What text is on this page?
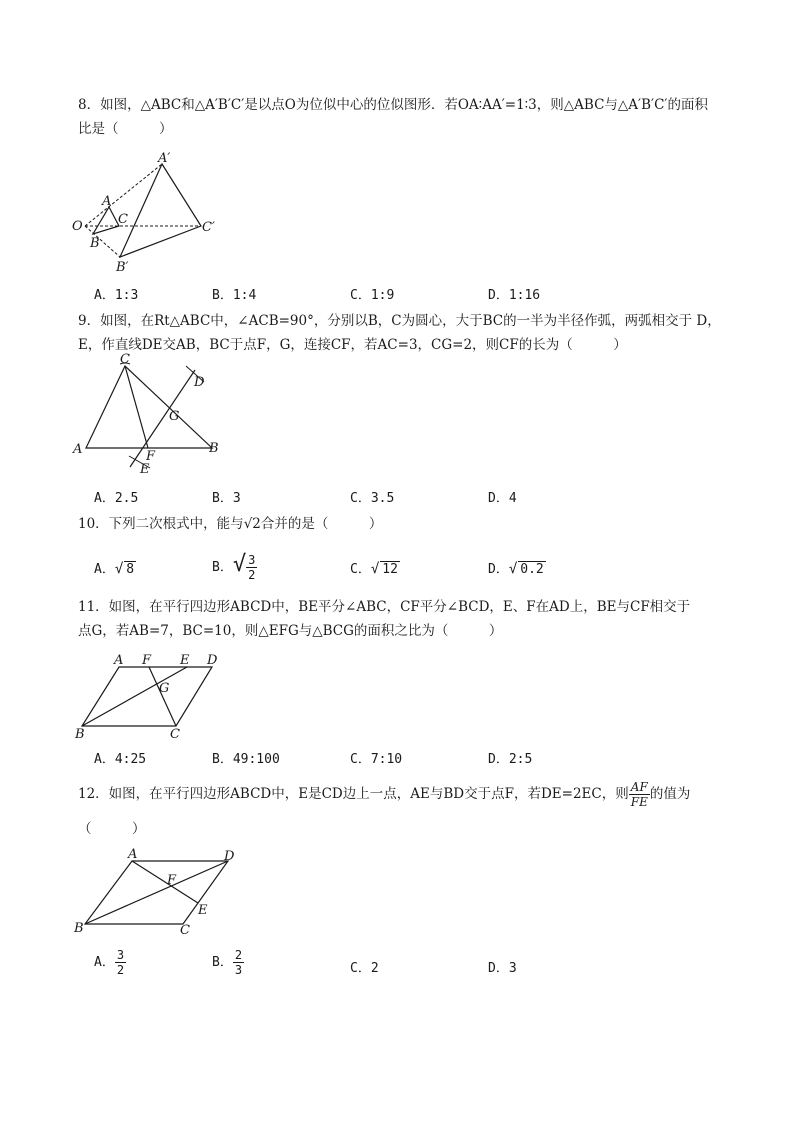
8．如图，△ABC和△A′B′C′是以点O为位似中心的位似图形．若OA∶AA′=1∶3，则△ABC与△A′B′C′的面积
比是（　　　）
O
A
B
C
A′
B′
C′
A．1:3	B．1:4	C．1:9	D．1:16
9．如图，在Rt△ABC中，∠ACB=90°，分别以B，C为圆心，大于BC的一半为半径作弧，两弧相交于 D，
E，作直线DE交AB，BC于点F，G，连接CF，若AC=3，CG=2，则CF的长为（　　　）
C
A	B
D
E
F
G
A．2.5	B．3	C．3.5	D．4
10．下列二次根式中，能与√2合并的是（　　　）
A．√ 8	B．√ $\frac{3}{2}$	C．√ 12	D．√ 0.2
11．如图，在平行四边形ABCD中，BE平分∠ABC，CF平分∠BCD，E、F在AD上，BE与CF相交于
点G，若AB=7，BC=10，则△EFG与△BCG的面积之比为（　　　）
A F E D
G
B	C
A．4:25	B．49:100	C．7:10	D．2:5
12．如图，在平行四边形ABCD中，E是CD边上一点，AE与BD交于点F，若DE=2EC，则 $\frac{AF}{FE}$ 的值为
（　　　）
A	D
F
E
B	C
A． $\frac{3}{2}$	B． $\frac{2}{3}$	C．2	D．3
